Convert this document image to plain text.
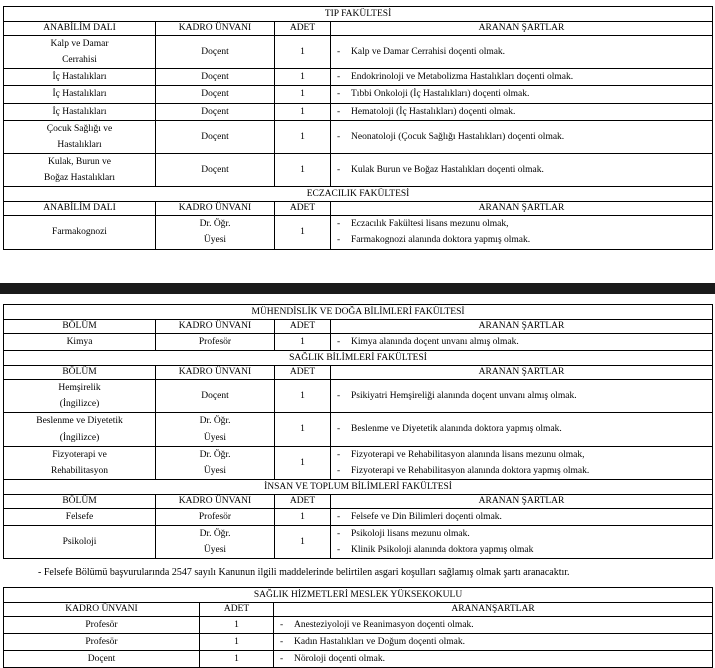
TIP FAKÜLTESİ			
ANABİLİM DALI	KADRO ÜNVANI	ADET	ARANAN ŞARTLAR

Kalp ve Damar
Cerrahisi	Doçent	1	- Kalp ve Damar Cerrahisi doçenti olmak.

İç Hastalıkları	Doçent	1	- Endokrinoloji ve Metabolizma Hastalıkları doçenti olmak.

İç Hastalıkları	Doçent	1	- Tıbbi Onkoloji (İç Hastalıkları) doçenti olmak.

İç Hastalıkları	Doçent	1	- Hematoloji (İç Hastalıkları) doçenti olmak.

Çocuk Sağlığı ve
Hastalıkları	Doçent	1	- Neonatoloji (Çocuk Sağlığı Hastalıkları) doçenti olmak.

Kulak, Burun ve
Boğaz Hastalıkları	Doçent	1	- Kulak Burun ve Boğaz Hastalıkları doçenti olmak.

ECZACILIK FAKÜLTESİ			
ANABİLİM DALI	KADRO ÜNVANI	ADET	ARANAN ŞARTLAR

Farmakognozi	Dr. Öğr.
Üyesi	1	- Eczacılık Fakültesi lisans mezunu olmak,
- Farmakognozi alanında doktora yapmış olmak.
MÜHENDİSLİK VE DOĞA BİLİMLERİ FAKÜLTESİ			
BÖLÜM	KADRO ÜNVANI	ADET	ARANAN ŞARTLAR

Kimya	Profesör	1	- Kimya alanında doçent unvanı almış olmak.

SAĞLIK BİLİMLERİ FAKÜLTESİ			
BÖLÜM	KADRO ÜNVANI	ADET	ARANAN ŞARTLAR

Hemşirelik
(İngilizce)	Doçent	1	- Psikiyatri Hemşireliği alanında doçent unvanı almış olmak.

Beslenme ve Diyetetik
(İngilizce)	Dr. Öğr.
Üyesi	1	- Beslenme ve Diyetetik alanında doktora yapmış olmak.

Fizyoterapi ve
Rehabilitasyon	Dr. Öğr.
Üyesi	1	- Fizyoterapi ve Rehabilitasyon alanında lisans mezunu olmak,
- Fizyoterapi ve Rehabilitasyon alanında doktora yapmış olmak.

İNSAN VE TOPLUM BİLİMLERİ FAKÜLTESİ			
BÖLÜM	KADRO ÜNVANI	ADET	ARANAN ŞARTLAR

Felsefe	Profesör	1	- Felsefe ve Din Bilimleri doçenti olmak.

Psikoloji	Dr. Öğr.
Üyesi	1	- Psikoloji lisans mezunu olmak.
- Klinik Psikoloji alanında doktora yapmış olmak
- Felsefe Bölümü başvurularında 2547 sayılı Kanunun ilgili maddelerinde belirtilen asgari koşulları sağlamış olmak şartı aranacaktır.
SAĞLIK HİZMETLERİ MESLEK YÜKSEKOKULU		
KADRO ÜNVANI	ADET	ARANANŞARTLAR
Profesör	1	- Anesteziyoloji ve Reanimasyon doçenti olmak.

Profesör	1	- Kadın Hastalıkları ve Doğum doçenti olmak.

Doçent	1	- Nöroloji doçenti olmak.
